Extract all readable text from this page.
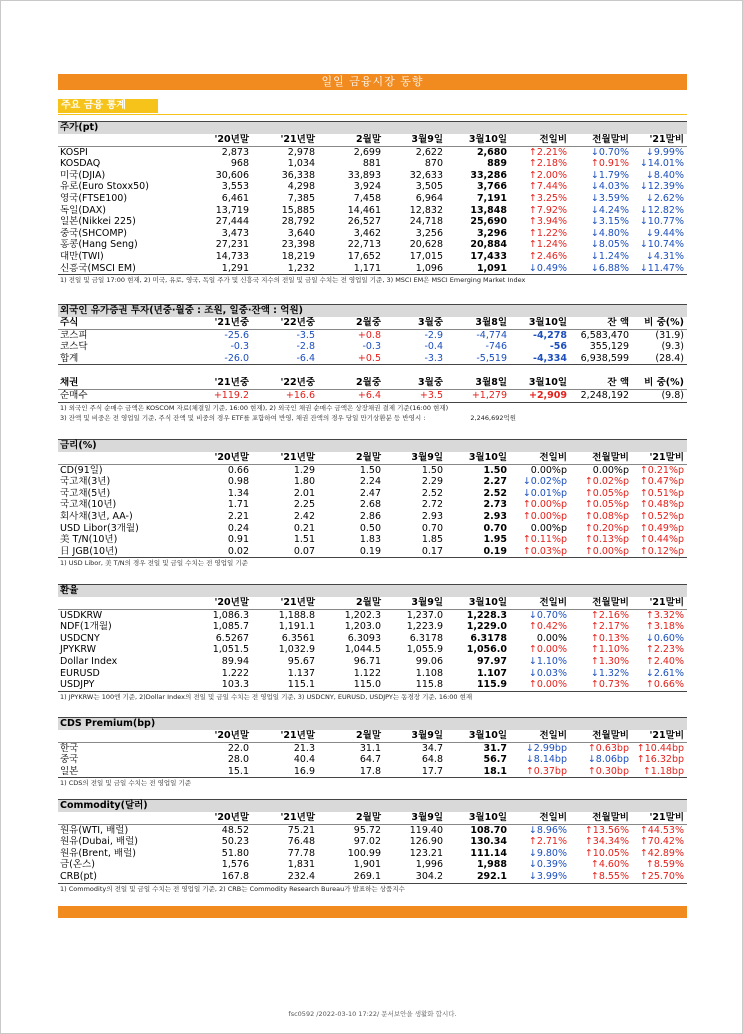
일일 금융시장 동향
주요 금융 통계
주가(pt)
	'20년말	'21년말	2월말	3월9일	3월10일	전일비	전월말비	'21말비
KOSPI	2,873	2,978	2,699	2,622	2,680	↑2.21%	↓0.70%	↓9.99%
KOSDAQ	968	1,034	881	870	889	↑2.18%	↑0.91%	↓14.01%
미국(DJIA)	30,606	36,338	33,893	32,633	33,286	↑2.00%	↓1.79%	↓8.40%
유로(Euro Stoxx50)	3,553	4,298	3,924	3,505	3,766	↑7.44%	↓4.03%	↓12.39%
영국(FTSE100)	6,461	7,385	7,458	6,964	7,191	↑3.25%	↓3.59%	↓2.62%
독일(DAX)	13,719	15,885	14,461	12,832	13,848	↑7.92%	↓4.24%	↓12.82%
일본(Nikkei 225)	27,444	28,792	26,527	24,718	25,690	↑3.94%	↓3.15%	↓10.77%
중국(SHCOMP)	3,473	3,640	3,462	3,256	3,296	↑1.22%	↓4.80%	↓9.44%
홍콩(Hang Seng)	27,231	23,398	22,713	20,628	20,884	↑1.24%	↓8.05%	↓10.74%
대만(TWI)	14,733	18,219	17,652	17,015	17,433	↑2.46%	↓1.24%	↓4.31%
신흥국(MSCI EM)	1,291	1,232	1,171	1,096	1,091	↓0.49%	↓6.88%	↓11.47%
1) 전일 및 금일 17:00 현재, 2) 미국, 유로, 영국, 독일 주가 및 신흥국 지수의 전일 및 금일 수치는 전 영업일 기준, 3) MSCI EM은 MSCI Emerging Market Index
외국인 유가증권 투자(년중·월중 : 조원, 일중·잔액 : 억원)
주식	'21년중	'22년중	2월중	3월중	3월8일	3월10일	잔 액	비 중(%)
코스피	-25.6	-3.5	+0.8	-2.9	-4,774	-4,278	6,583,470	(31.9)
코스닥	-0.3	-2.8	-0.3	-0.4	-746	-56	355,129	(9.3)
합계	-26.0	-6.4	+0.5	-3.3	-5,519	-4,334	6,938,599	(28.4)
채권	'21년중	'22년중	2월중	3월중	3월8일	3월10일	잔 액	비 중(%)
순매수	+119.2	+16.6	+6.4	+3.5	+1,279	+2,909	2,248,192	(9.8)
1) 외국인 주식 순매수 금액은 KOSCOM 자료(체결일 기준, 16:00 현재), 2) 외국인 채권 순매수 금액은 상장채권 결제 기준(16:00 현재)
3) 잔액 및 비중은 전 영업일 기준, 주식 잔액 및 비중의 경우 ETF를 포함하여 반영, 채권 잔액의 경우 당일 만기상환분 등 반영시 :	2,246,692억원
금리(%)
	'20년말	'21년말	2월말	3월9일	3월10일	전일비	전월말비	'21말비
CD(91일)	0.66	1.29	1.50	1.50	1.50	0.00%p	0.00%p	↑0.21%p
국고채(3년)	0.98	1.80	2.24	2.29	2.27	↓0.02%p	↑0.02%p	↑0.47%p
국고채(5년)	1.34	2.01	2.47	2.52	2.52	↓0.01%p	↑0.05%p	↑0.51%p
국고채(10년)	1.71	2.25	2.68	2.72	2.73	↑0.00%p	↑0.05%p	↑0.48%p
회사채(3년, AA-)	2.21	2.42	2.86	2.93	2.93	↑0.00%p	↑0.08%p	↑0.52%p
USD Libor(3개월)	0.24	0.21	0.50	0.70	0.70	0.00%p	↑0.20%p	↑0.49%p
美 T/N(10년)	0.91	1.51	1.83	1.85	1.95	↑0.11%p	↑0.13%p	↑0.44%p
日 JGB(10년)	0.02	0.07	0.19	0.17	0.19	↑0.03%p	↑0.00%p	↑0.12%p
1) USD Libor, 美 T/N의 경우 전일 및 금일 수치는 전 영업일 기준
환율
	'20년말	'21년말	2월말	3월9일	3월10일	전일비	전월말비	'21말비
USDKRW	1,086.3	1,188.8	1,202.3	1,237.0	1,228.3	↓0.70%	↑2.16%	↑3.32%
NDF(1개월)	1,085.7	1,191.1	1,203.0	1,223.9	1,229.0	↑0.42%	↑2.17%	↑3.18%
USDCNY	6.5267	6.3561	6.3093	6.3178	6.3178	0.00%	↑0.13%	↓0.60%
JPYKRW	1,051.5	1,032.9	1,044.5	1,055.9	1,056.0	↑0.00%	↑1.10%	↑2.23%
Dollar Index	89.94	95.67	96.71	99.06	97.97	↓1.10%	↑1.30%	↑2.40%
EURUSD	1.222	1.137	1.122	1.108	1.107	↓0.03%	↓1.32%	↓2.61%
USDJPY	103.3	115.1	115.0	115.8	115.9	↑0.00%	↑0.73%	↑0.66%
1) JPYKRW는 100엔 기준, 2)Dollar Index의 전일 및 금일 수치는 전 영업일 기준, 3) USDCNY, EURUSD, USDJPY는 동경장 기준, 16:00 현재
CDS Premium(bp)
	'20년말	'21년말	2월말	3월9일	3월10일	전일비	전월말비	'21말비
한국	22.0	21.3	31.1	34.7	31.7	↓2.99bp	↑0.63bp	↑10.44bp
중국	28.0	40.4	64.7	64.8	56.7	↓8.14bp	↓8.06bp	↑16.32bp
일본	15.1	16.9	17.8	17.7	18.1	↑0.37bp	↑0.30bp	↑1.18bp
1) CDS의 전일 및 금일 수치는 전 영업일 기준
Commodity(달러)
	'20년말	'21년말	2월말	3월9일	3월10일	전일비	전월말비	'21말비
원유(WTI, 배럴)	48.52	75.21	95.72	119.40	108.70	↓8.96%	↑13.56%	↑44.53%
원유(Dubai, 배럴)	50.23	76.48	97.02	126.90	130.34	↑2.71%	↑34.34%	↑70.42%
원유(Brent, 배럴)	51.80	77.78	100.99	123.21	111.14	↓9.80%	↑10.05%	↑42.89%
금(온스)	1,576	1,831	1,901	1,996	1,988	↓0.39%	↑4.60%	↑8.59%
CRB(pt)	167.8	232.4	269.1	304.2	292.1	↓3.99%	↑8.55%	↑25.70%
1) Commodity의 전일 및 금일 수치는 전 영업일 기준, 2) CRB는 Commodity Research Bureau가 발표하는 상품지수
fsc0592 /2022-03-10 17:22/ 문서보안을 생활화 합시다.
